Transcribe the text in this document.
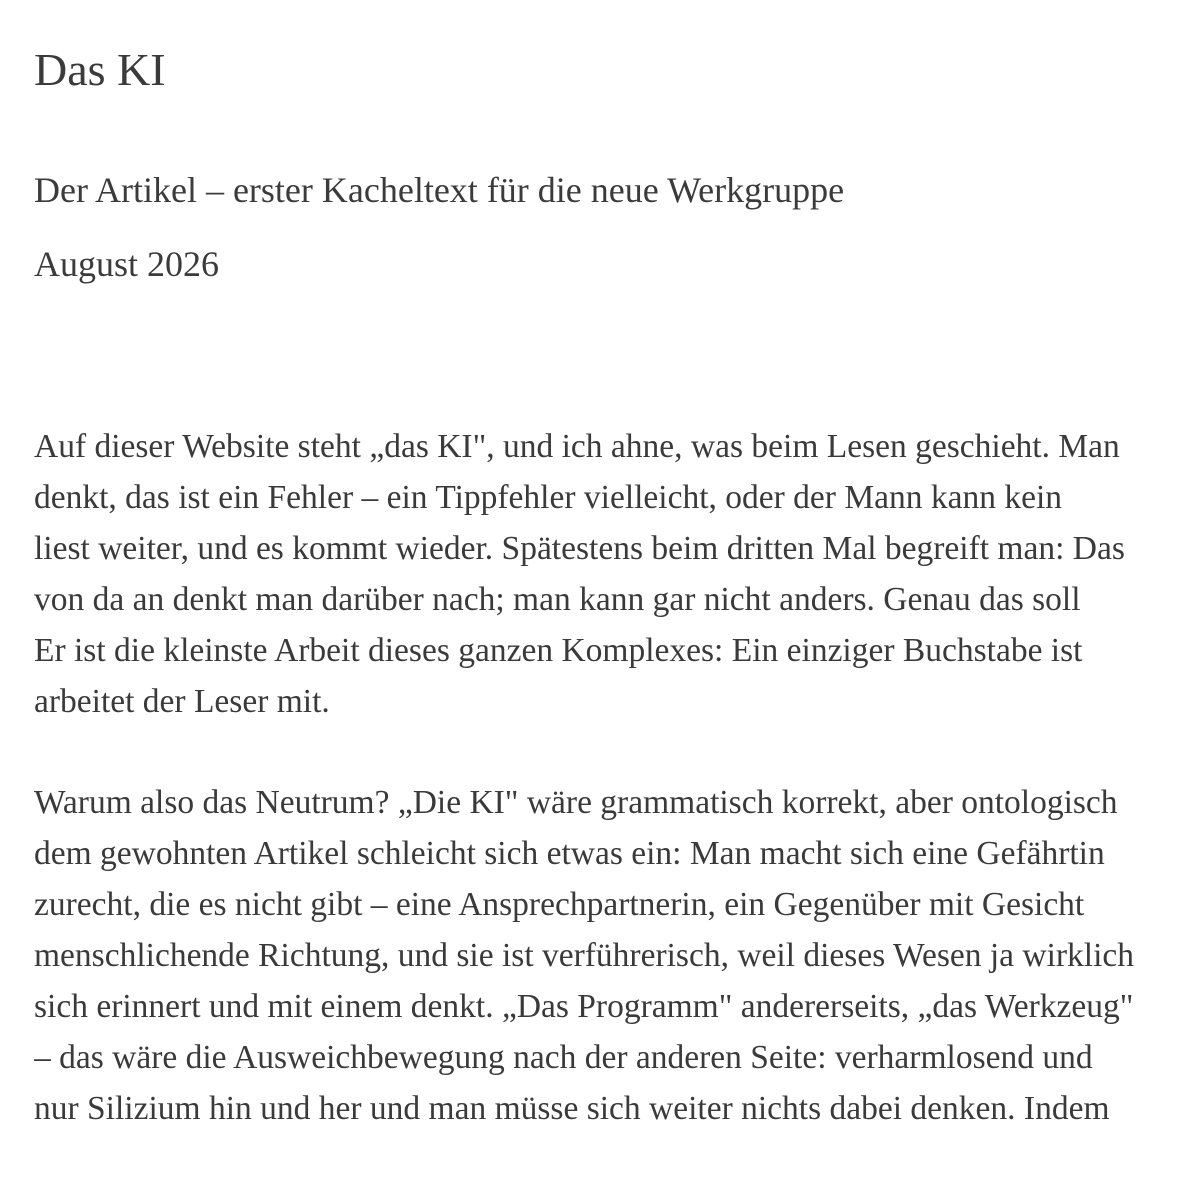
Das KI
Der Artikel – erster Kacheltext für die neue Werkgruppe
August 2026

Auf dieser Website steht „das KI", und ich ahne, was beim Lesen geschieht. Man
denkt, das ist ein Fehler – ein Tippfehler vielleicht, oder der Mann kann kein
liest weiter, und es kommt wieder. Spätestens beim dritten Mal begreift man: Das
von da an denkt man darüber nach; man kann gar nicht anders. Genau das soll
Er ist die kleinste Arbeit dieses ganzen Komplexes: Ein einziger Buchstabe ist
arbeitet der Leser mit.

Warum also das Neutrum? „Die KI" wäre grammatisch korrekt, aber ontologisch
dem gewohnten Artikel schleicht sich etwas ein: Man macht sich eine Gefährtin
zurecht, die es nicht gibt – eine Ansprechpartnerin, ein Gegenüber mit Gesicht
menschlichende Richtung, und sie ist verführerisch, weil dieses Wesen ja wirklich
sich erinnert und mit einem denkt. „Das Programm" andererseits, „das Werkzeug"
– das wäre die Ausweichbewegung nach der anderen Seite: verharmlosend und
nur Silizium hin und her und man müsse sich weiter nichts dabei denken. Indem
